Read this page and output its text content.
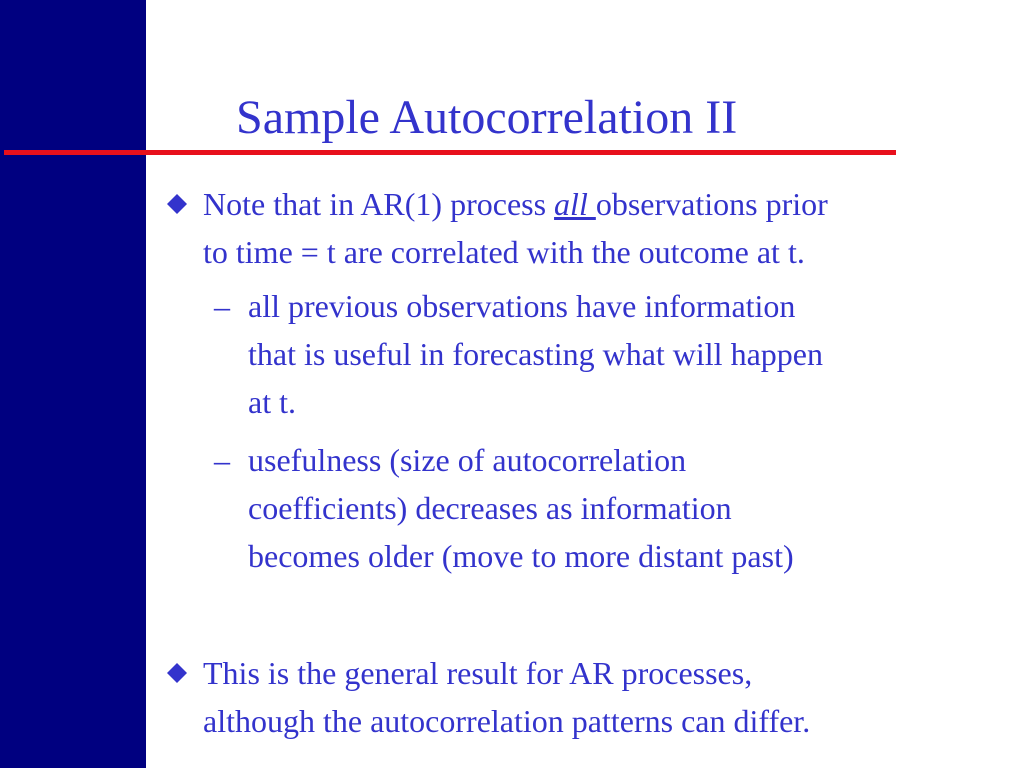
Sample Autocorrelation II
Note that in AR(1) process all observations prior
to time = t are correlated with the outcome at t.
– all previous observations have information
that is useful in forecasting what will happen
at t.
– usefulness (size of autocorrelation
coefficients) decreases as information
becomes older (move to more distant past)
This is the general result for AR processes,
although the autocorrelation patterns can differ.
